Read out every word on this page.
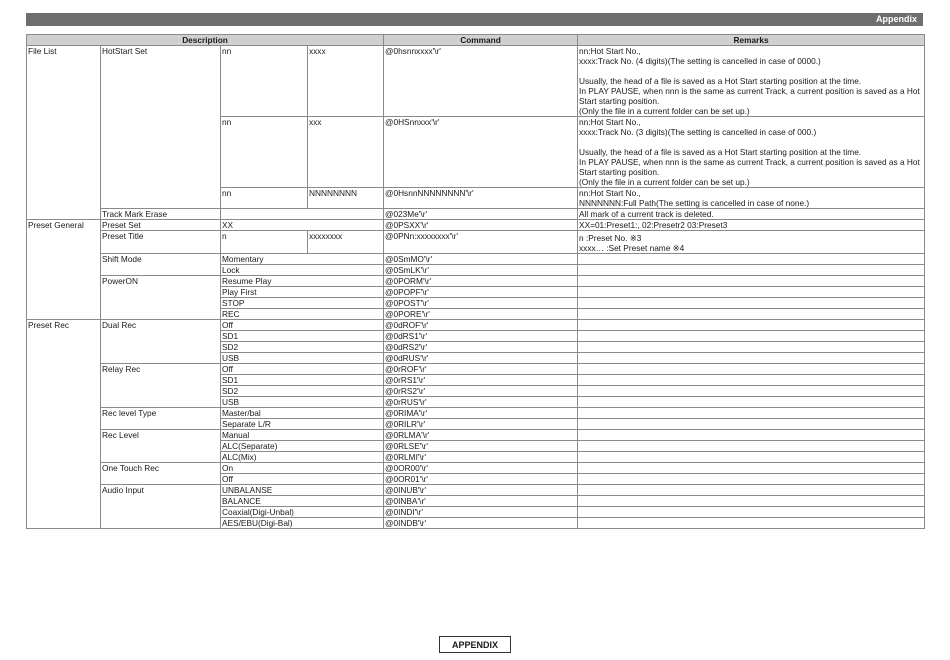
Appendix
Description				Command	Remarks
File List	HotStart Set	nn	xxxx	@0hsnnxxxx'\r'	nn:Hot Start No.,
xxxx:Track No. (4 digits)(The setting is cancelled in case of 0000.)

Usually, the head of a file is saved as a Hot Start starting position at the time.
In PLAY PAUSE, when nnn is the same as current Track, a current position is saved as a Hot Start starting position.
(Only the file in a current folder can be set up.)
		nn	xxx	@0HSnnxxx'\r'	nn:Hot Start No.,
xxxx:Track No. (3 digits)(The setting is cancelled in case of 000.)

Usually, the head of a file is saved as a Hot Start starting position at the time.
In PLAY PAUSE, when nnn is the same as current Track, a current position is saved as a Hot Start starting position.
(Only the file in a current folder can be set up.)
		nn	NNNNNNNN	@0HsnnNNNNNNNN'\r'	nn:Hot Start No.,
NNNNNNN:Full Path(The setting is cancelled in case of none.)
	Track Mark Erase			@023Me'\r'	All mark of a current track is deleted.
Preset General	Preset Set	XX		@0PSXX'\r'	XX=01:Preset1:, 02:Presetr2 03:Preset3
	Preset Title	n	xxxxxxxx	@0PNn:xxxxxxxx'\r'	n :Preset No. ※3
xxxx… :Set Preset name ※4
	Shift Mode	Momentary		@0SmMO'\r'	
		Lock		@0SmLK'\r'	
	PowerON	Resume Play		@0PORM'\r'	
		Play First		@0POPF'\r'	
		STOP		@0POST'\r'	
		REC		@0PORE'\r'	
Preset Rec	Dual Rec	Off		@0dROF'\r'	
		SD1		@0dRS1'\r'	
		SD2		@0dRS2'\r'	
		USB		@0dRUS'\r'	
	Relay Rec	Off		@0rROF'\r'	
		SD1		@0rRS1'\r'	
		SD2		@0rRS2'\r'	
		USB		@0rRUS'\r'	
	Rec level Type	Master/bal		@0RIMA'\r'	
		Separate L/R		@0RILR'\r'	
	Rec Level	Manual		@0RLMA'\r'	
		ALC(Separate)		@0RLSE'\r'	
		ALC(Mix)		@0RLMI'\r'	
	One Touch Rec	On		@0OR00'\r'	
		Off		@0OR01'\r'	
	Audio Input	UNBALANSE		@0INUB'\r'	
		BALANCE		@0INBA'\r'	
		Coaxial(Digi-Unbal)		@0INDI'\r'	
		AES/EBU(Digi-Bal)		@0INDB'\r'	
APPENDIX
